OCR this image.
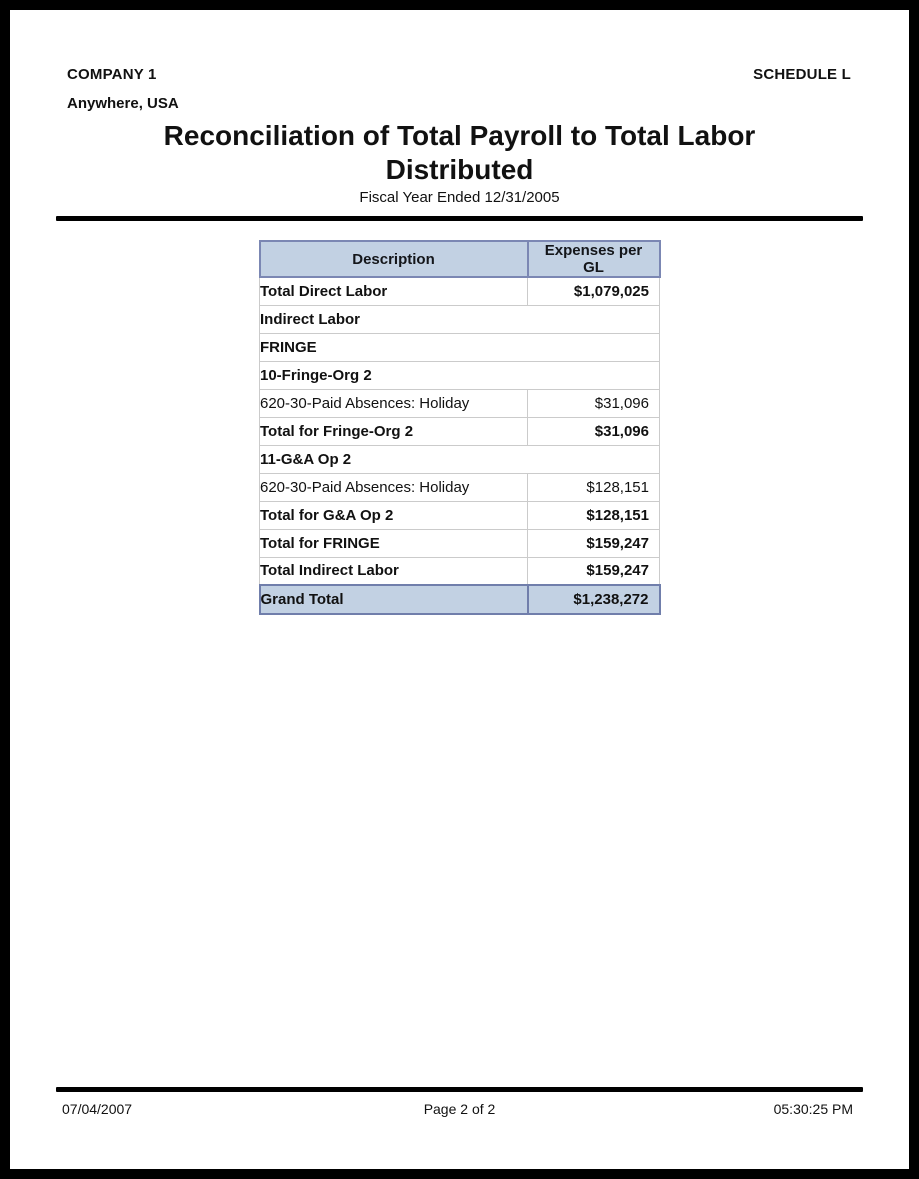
COMPANY 1
Anywhere, USA
SCHEDULE L
Reconciliation of Total Payroll to Total Labor Distributed
Fiscal Year Ended 12/31/2005
Description	Expenses per GL
Total Direct Labor	$1,079,025
Indirect Labor	
FRINGE	
10-Fringe-Org 2	
620-30-Paid Absences: Holiday	$31,096
Total for Fringe-Org 2	$31,096
11-G&A Op 2	
620-30-Paid Absences: Holiday	$128,151
Total for G&A Op 2	$128,151
Total for FRINGE	$159,247
Total Indirect Labor	$159,247
Grand Total	$1,238,272
07/04/2007	Page 2 of 2	05:30:25 PM
